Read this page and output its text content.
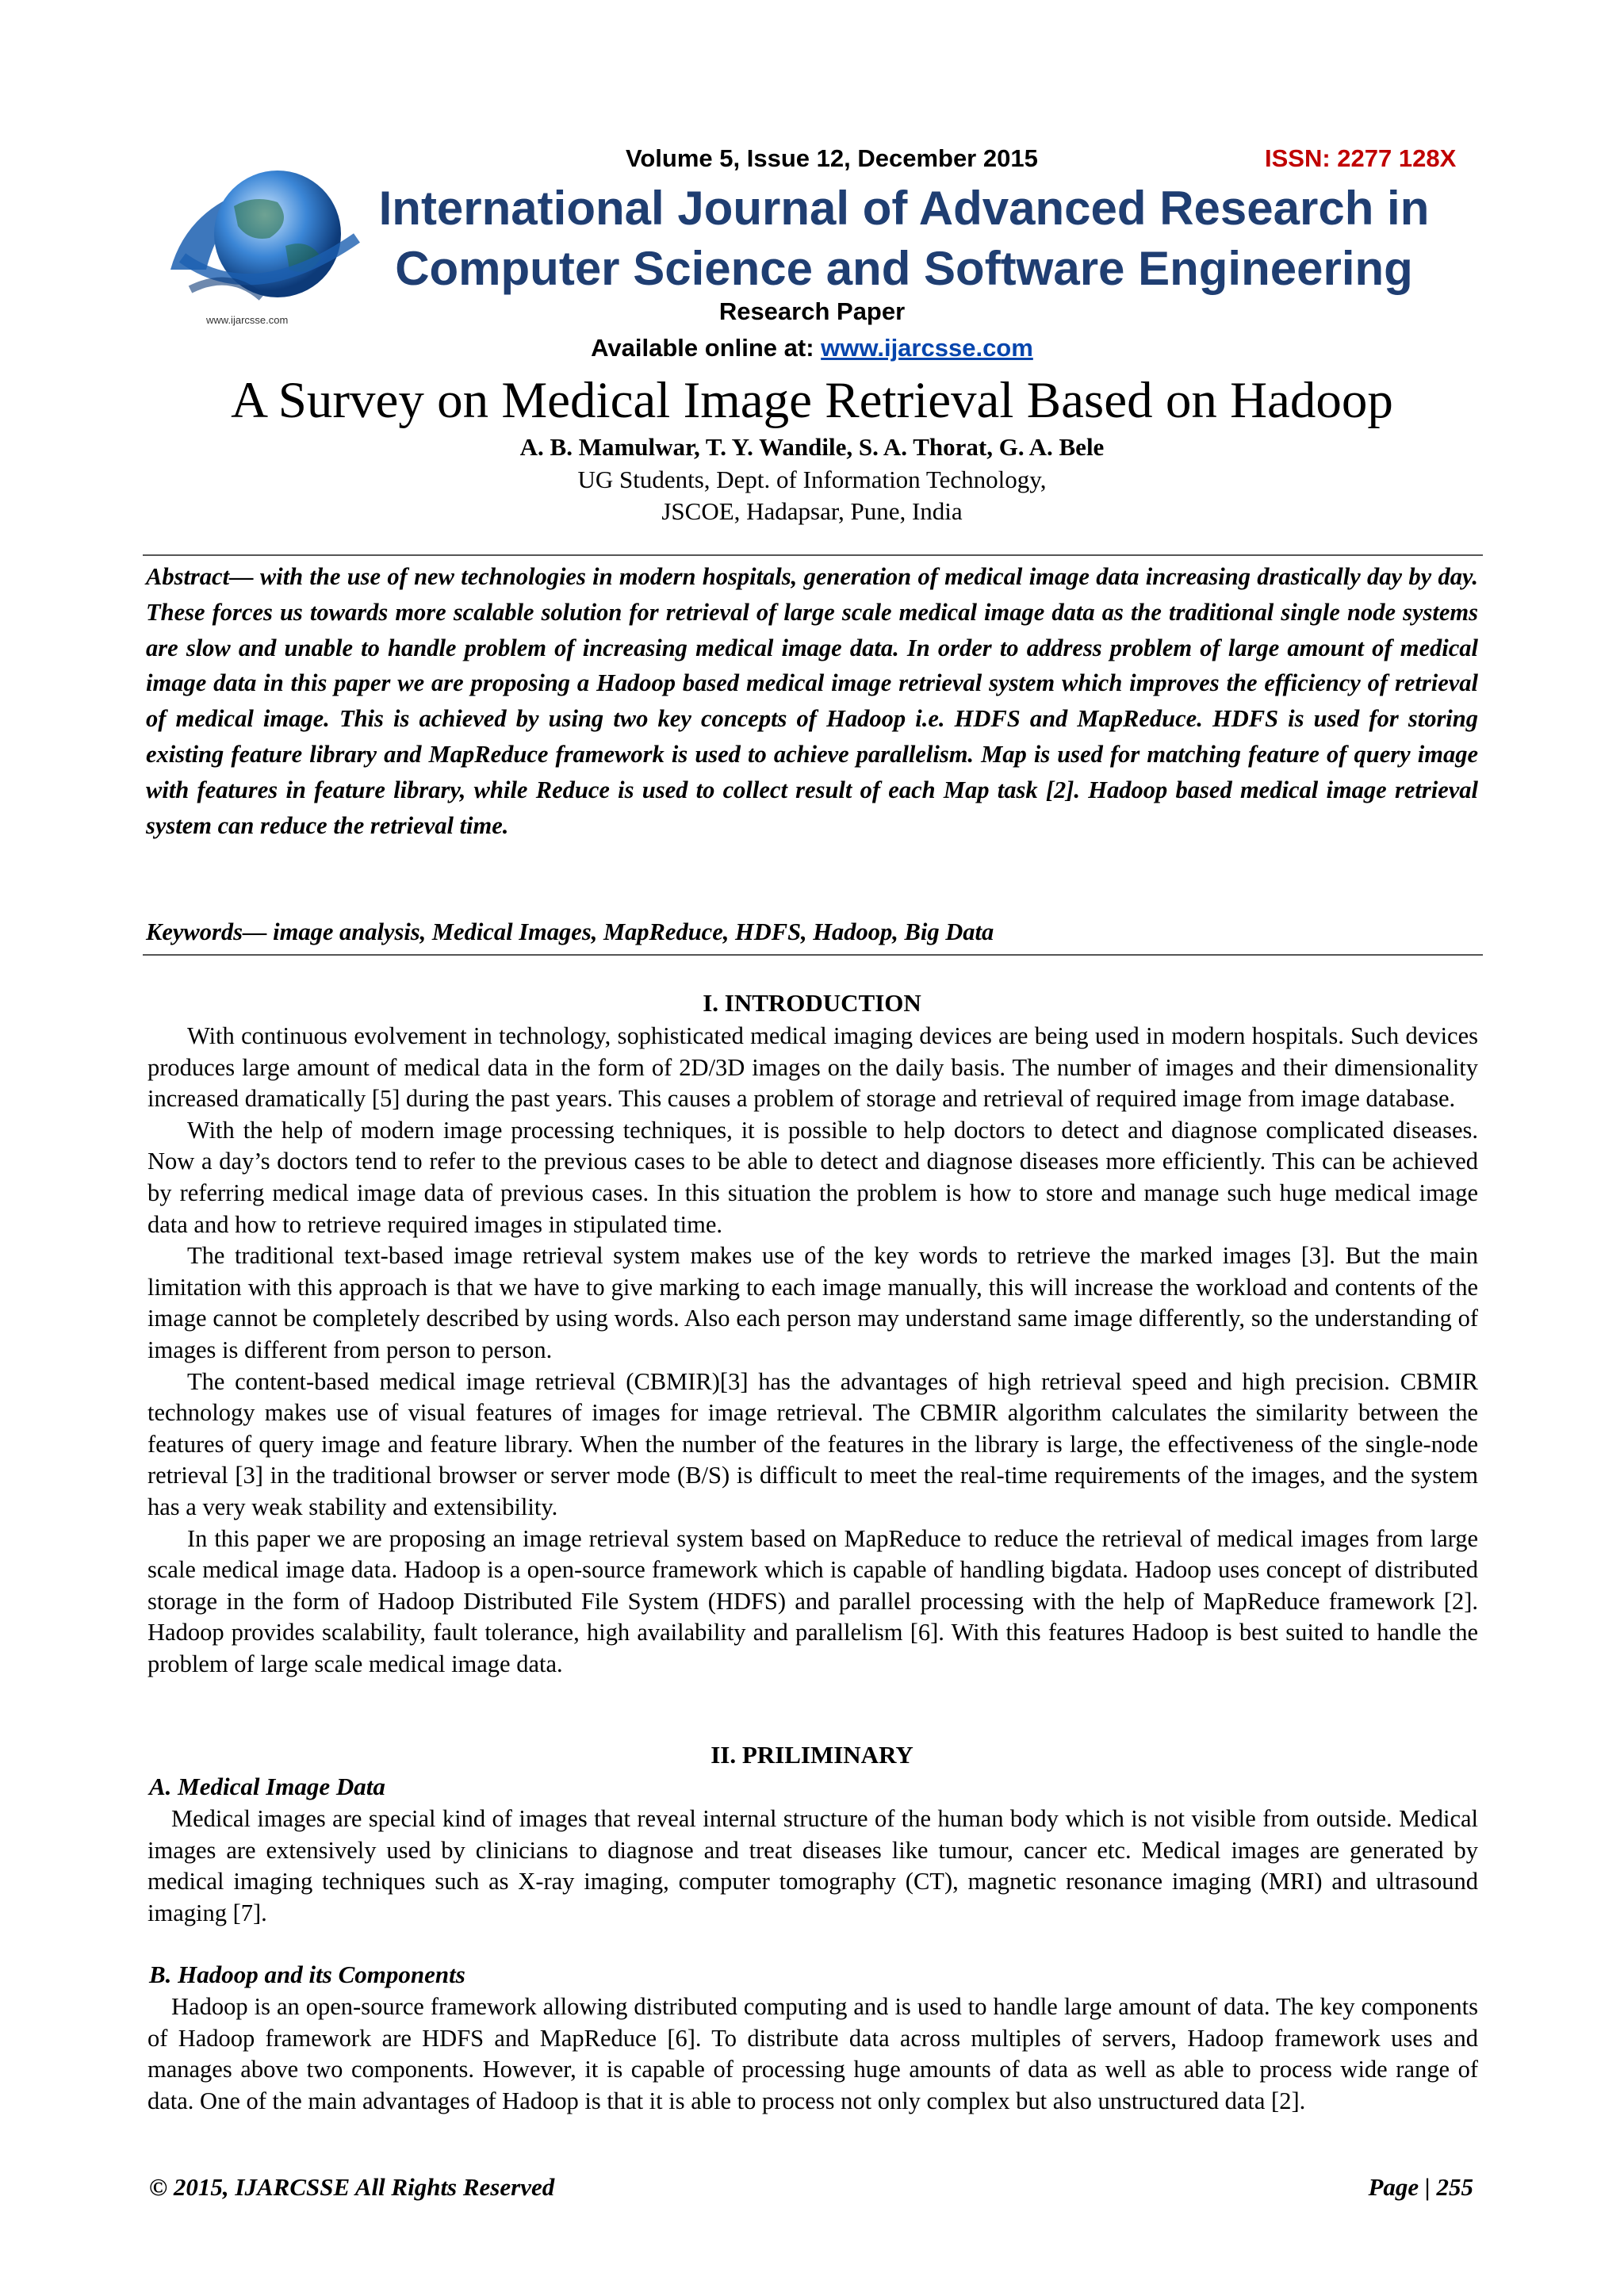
Volume 5, Issue 12, December 2015	ISSN: 2277 128X
www.ijarcsse.com
International Journal of Advanced Research in
Computer Science and Software Engineering
Research Paper
Available online at: www.ijarcsse.com
A Survey on Medical Image Retrieval Based on Hadoop
A. B. Mamulwar, T. Y. Wandile, S. A. Thorat, G. A. Bele
UG Students, Dept. of Information Technology,
JSCOE, Hadapsar, Pune, India

Abstract— with the use of new technologies in modern hospitals, generation of medical image data increasing drastically day by day. These forces us towards more scalable solution for retrieval of large scale medical image data as the traditional single node systems are slow and unable to handle problem of increasing medical image data. In order to address problem of large amount of medical image data in this paper we are proposing a Hadoop based medical image retrieval system which improves the efficiency of retrieval of medical image. This is achieved by using two key concepts of Hadoop i.e. HDFS and MapReduce. HDFS is used for storing existing feature library and MapReduce framework is used to achieve parallelism. Map is used for matching feature of query image with features in feature library, while Reduce is used to collect result of each Map task [2]. Hadoop based medical image retrieval system can reduce the retrieval time.

Keywords— image analysis, Medical Images, MapReduce, HDFS, Hadoop, Big Data

I. INTRODUCTION

With continuous evolvement in technology, sophisticated medical imaging devices are being used in modern hospitals. Such devices produces large amount of medical data in the form of 2D/3D images on the daily basis. The number of images and their dimensionality increased dramatically [5] during the past years. This causes a problem of storage and retrieval of required image from image database.

With the help of modern image processing techniques, it is possible to help doctors to detect and diagnose complicated diseases. Now a day’s doctors tend to refer to the previous cases to be able to detect and diagnose diseases more efficiently. This can be achieved by referring medical image data of previous cases. In this situation the problem is how to store and manage such huge medical image data and how to retrieve required images in stipulated time.

The traditional text-based image retrieval system makes use of the key words to retrieve the marked images [3]. But the main limitation with this approach is that we have to give marking to each image manually, this will increase the workload and contents of the image cannot be completely described by using words. Also each person may understand same image differently, so the understanding of images is different from person to person.

The content-based medical image retrieval (CBMIR)[3] has the advantages of high retrieval speed and high precision. CBMIR technology makes use of visual features of images for image retrieval. The CBMIR algorithm calculates the similarity between the features of query image and feature library. When the number of the features in the library is large, the effectiveness of the single-node retrieval [3] in the traditional browser or server mode (B/S) is difficult to meet the real-time requirements of the images, and the system has a very weak stability and extensibility.

In this paper we are proposing an image retrieval system based on MapReduce to reduce the retrieval of medical images from large scale medical image data. Hadoop is a open-source framework which is capable of handling bigdata. Hadoop uses concept of distributed storage in the form of Hadoop Distributed File System (HDFS) and parallel processing with the help of MapReduce framework [2]. Hadoop provides scalability, fault tolerance, high availability and parallelism [6]. With this features Hadoop is best suited to handle the problem of large scale medical image data.

II. PRILIMINARY
A. Medical Image Data

Medical images are special kind of images that reveal internal structure of the human body which is not visible from outside. Medical images are extensively used by clinicians to diagnose and treat diseases like tumour, cancer etc. Medical images are generated by medical imaging techniques such as X-ray imaging, computer tomography (CT), magnetic resonance imaging (MRI) and ultrasound imaging [7].

B. Hadoop and its Components

Hadoop is an open-source framework allowing distributed computing and is used to handle large amount of data. The key components of Hadoop framework are HDFS and MapReduce [6]. To distribute data across multiples of servers, Hadoop framework uses and manages above two components. However, it is capable of processing huge amounts of data as well as able to process wide range of data. One of the main advantages of Hadoop is that it is able to process not only complex but also unstructured data [2].

© 2015, IJARCSSE All Rights Reserved	Page | 255
